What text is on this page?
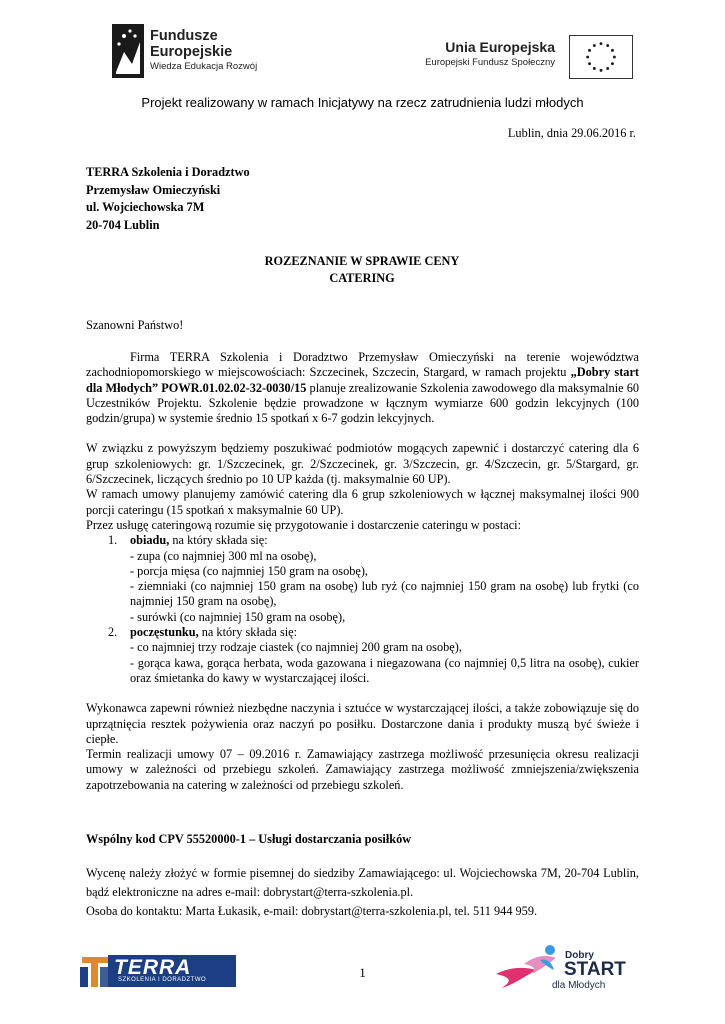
Fundusze
Europejskie
Wiedza Edukacja Rozwój
Unia Europejska
Europejski Fundusz Społeczny
Projekt realizowany w ramach Inicjatywy na rzecz zatrudnienia ludzi młodych
Lublin, dnia 29.06.2016 r.
TERRA Szkolenia i Doradztwo
Przemysław Omieczyński
ul. Wojciechowska 7M
20-704 Lublin
ROZEZNANIE W SPRAWIE CENY
CATERING
Szanowni Państwo!

Firma TERRA Szkolenia i Doradztwo Przemysław Omieczyński na terenie województwa zachodniopomorskiego w miejscowościach: Szczecinek, Szczecin, Stargard, w ramach projektu „Dobry start dla Młodych” POWR.01.02.02-32-0030/15 planuje zrealizowanie Szkolenia zawodowego dla maksymalnie 60 Uczestników Projektu. Szkolenie będzie prowadzone w łącznym wymiarze 600 godzin lekcyjnych (100 godzin/grupa) w systemie średnio 15 spotkań x 6-7 godzin lekcyjnych.

W związku z powyższym będziemy poszukiwać podmiotów mogących zapewnić i dostarczyć catering dla 6 grup szkoleniowych: gr. 1/Szczecinek, gr. 2/Szczecinek, gr. 3/Szczecin, gr. 4/Szczecin, gr. 5/Stargard, gr. 6/Szczecinek, liczących średnio po 10 UP każda (tj. maksymalnie 60 UP).

W ramach umowy planujemy zamówić catering dla 6 grup szkoleniowych w łącznej maksymalnej ilości 900 porcji cateringu (15 spotkań x maksymalnie 60 UP).

Przez usługę cateringową rozumie się przygotowanie i dostarczenie cateringu w postaci:

1. obiadu, na który składa się:

- zupa (co najmniej 300 ml na osobę),

- porcja mięsa (co najmniej 150 gram na osobę),

- ziemniaki (co najmniej 150 gram na osobę) lub ryż (co najmniej 150 gram na osobę) lub frytki (co najmniej 150 gram na osobę),

- surówki (co najmniej 150 gram na osobę),

2. poczęstunku, na który składa się:

- co najmniej trzy rodzaje ciastek (co najmniej 200 gram na osobę),

- gorąca kawa, gorąca herbata, woda gazowana i niegazowana (co najmniej 0,5 litra na osobę), cukier oraz śmietanka do kawy w wystarczającej ilości.

Wykonawca zapewni również niezbędne naczynia i sztućce w wystarczającej ilości, a także zobowiązuje się do uprzątnięcia resztek pożywienia oraz naczyń po posiłku. Dostarczone dania i produkty muszą być świeże i ciepłe.

Termin realizacji umowy 07 – 09.2016 r. Zamawiający zastrzega możliwość przesunięcia okresu realizacji umowy w zależności od przebiegu szkoleń. Zamawiający zastrzega możliwość zmniejszenia/zwiększenia zapotrzebowania na catering w zależności od przebiegu szkoleń.

Wspólny kod CPV 55520000-1 – Usługi dostarczania posiłków

Wycenę należy złożyć w formie pisemnej do siedziby Zamawiającego: ul. Wojciechowska 7M, 20-704 Lublin, bądź elektroniczne na adres e-mail: dobrystart@terra-szkolenia.pl.

Osoba do kontaktu: Marta Łukasik, e-mail: dobrystart@terra-szkolenia.pl, tel. 511 944 959.

TERRA
SZKOLENIA I DORADZTWO	1
Dobry
START
dla Młodych
